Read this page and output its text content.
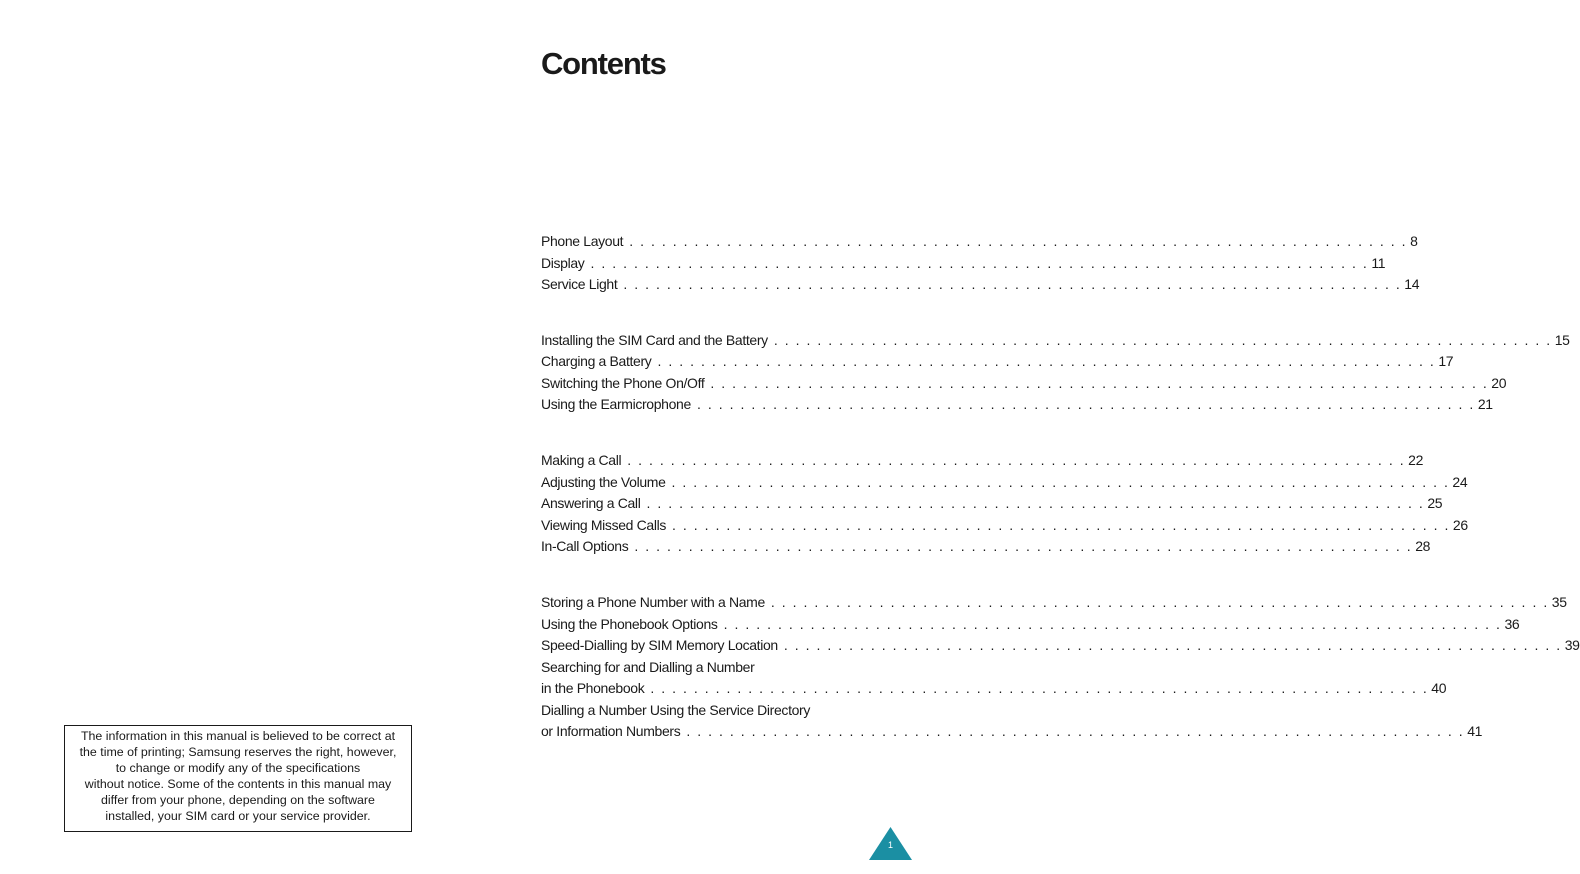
Contents
Phone Layout . . . . . . . . . . . . . . . . . . . . . . . . . . . . . . . . . . . . . . . . . . . . . . . . . . . . . . . . . . . . . . . . . . . . . . . . 8
Display . . . . . . . . . . . . . . . . . . . . . . . . . . . . . . . . . . . . . . . . . . . . . . . . . . . . . . . . . . . . . . . . . . . . . . . . 11
Service Light . . . . . . . . . . . . . . . . . . . . . . . . . . . . . . . . . . . . . . . . . . . . . . . . . . . . . . . . . . . . . . . . . . . . . . . . 14
Installing the SIM Card and the Battery . . . . . . . . . . . . . . . . . . . . . . . . . . . . . . . . . . . . . . . . . . . . . . . . . . . . . . . . . . . . . . . . . . . . . . . . 15
Charging a Battery . . . . . . . . . . . . . . . . . . . . . . . . . . . . . . . . . . . . . . . . . . . . . . . . . . . . . . . . . . . . . . . . . . . . . . . . 17
Switching the Phone On/Off . . . . . . . . . . . . . . . . . . . . . . . . . . . . . . . . . . . . . . . . . . . . . . . . . . . . . . . . . . . . . . . . . . . . . . . . 20
Using the Earmicrophone . . . . . . . . . . . . . . . . . . . . . . . . . . . . . . . . . . . . . . . . . . . . . . . . . . . . . . . . . . . . . . . . . . . . . . . . 21
Making a Call . . . . . . . . . . . . . . . . . . . . . . . . . . . . . . . . . . . . . . . . . . . . . . . . . . . . . . . . . . . . . . . . . . . . . . . . 22
Adjusting the Volume . . . . . . . . . . . . . . . . . . . . . . . . . . . . . . . . . . . . . . . . . . . . . . . . . . . . . . . . . . . . . . . . . . . . . . . . 24
Answering a Call . . . . . . . . . . . . . . . . . . . . . . . . . . . . . . . . . . . . . . . . . . . . . . . . . . . . . . . . . . . . . . . . . . . . . . . . 25
Viewing Missed Calls . . . . . . . . . . . . . . . . . . . . . . . . . . . . . . . . . . . . . . . . . . . . . . . . . . . . . . . . . . . . . . . . . . . . . . . . 26
In-Call Options . . . . . . . . . . . . . . . . . . . . . . . . . . . . . . . . . . . . . . . . . . . . . . . . . . . . . . . . . . . . . . . . . . . . . . . . 28
Storing a Phone Number with a Name . . . . . . . . . . . . . . . . . . . . . . . . . . . . . . . . . . . . . . . . . . . . . . . . . . . . . . . . . . . . . . . . . . . . . . . . 35
Using the Phonebook Options . . . . . . . . . . . . . . . . . . . . . . . . . . . . . . . . . . . . . . . . . . . . . . . . . . . . . . . . . . . . . . . . . . . . . . . . 36
Speed-Dialling by SIM Memory Location . . . . . . . . . . . . . . . . . . . . . . . . . . . . . . . . . . . . . . . . . . . . . . . . . . . . . . . . . . . . . . . . . . . . . . . . 39
Searching for and Dialling a Number
in the Phonebook . . . . . . . . . . . . . . . . . . . . . . . . . . . . . . . . . . . . . . . . . . . . . . . . . . . . . . . . . . . . . . . . . . . . . . . . 40
Dialling a Number Using the Service Directory
or Information Numbers . . . . . . . . . . . . . . . . . . . . . . . . . . . . . . . . . . . . . . . . . . . . . . . . . . . . . . . . . . . . . . . . . . . . . . . . 41
The information in this manual is believed to be correct at
the time of printing; Samsung reserves the right, however,
to change or modify any of the specifications
without notice. Some of the contents in this manual may
differ from your phone, depending on the software
installed, your SIM card or your service provider.
1
